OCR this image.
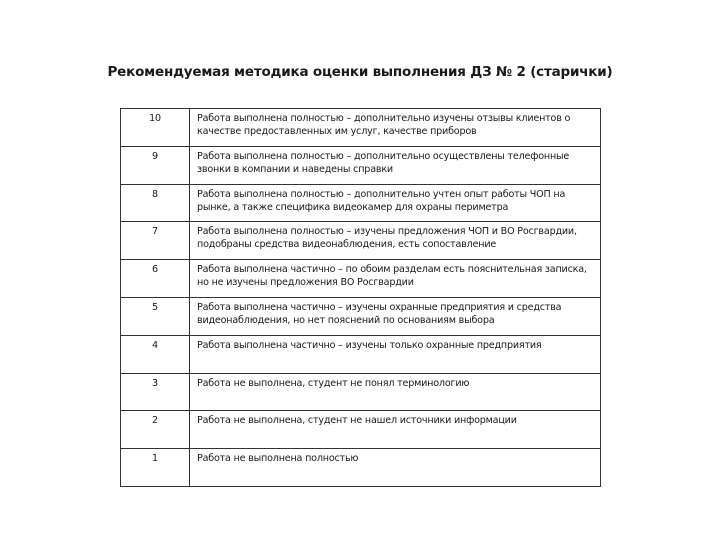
Рекомендуемая методика оценки выполнения ДЗ № 2 (старички)
10	Работа выполнена полностью – дополнительно изучены отзывы клиентов о качестве предоставленных им услуг, качестве приборов
9	Работа выполнена полностью – дополнительно осуществлены телефонные звонки в компании и наведены справки
8	Работа выполнена полностью – дополнительно учтен опыт работы ЧОП на рынке, а также специфика видеокамер для охраны периметра
7	Работа выполнена полностью – изучены предложения ЧОП и ВО Росгвардии, подобраны средства видеонаблюдения, есть сопоставление
6	Работа выполнена частично – по обоим разделам есть пояснительная записка, но не изучены предложения ВО Росгвардии
5	Работа выполнена частично – изучены охранные предприятия и средства видеонаблюдения, но нет пояснений по основаниям выбора
4	Работа выполнена частично – изучены только охранные предприятия
3	Работа не выполнена, студент не понял терминологию
2	Работа не выполнена, студент не нашел источники информации
1	Работа не выполнена полностью
